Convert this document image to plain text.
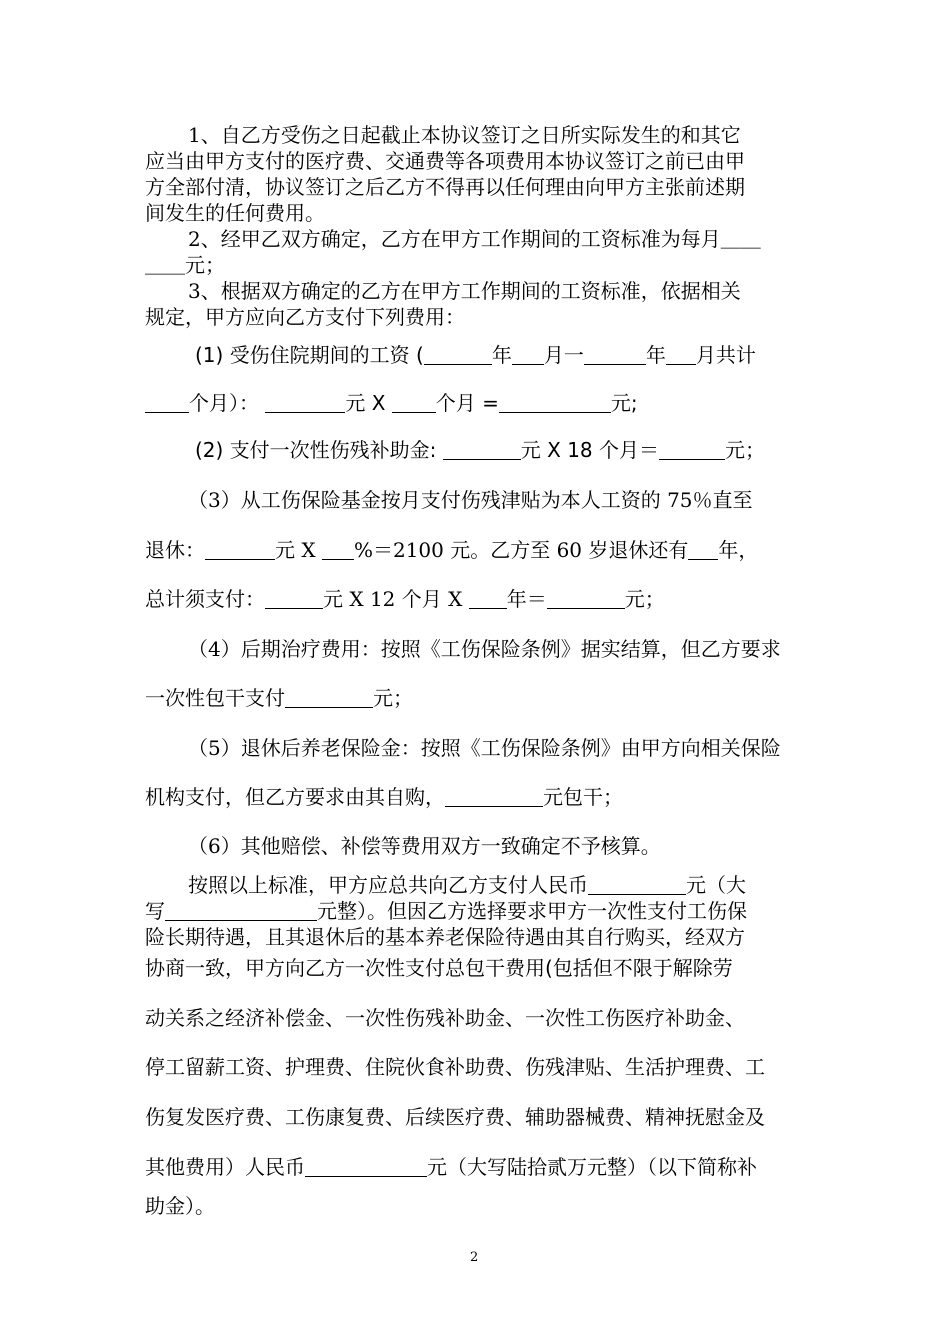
1、自乙方受伤之日起截止本协议签订之日所实际发生的和其它
应当由甲方支付的医疗费、交通费等各项费用本协议签订之前已由甲
方全部付清，协议签订之后乙方不得再以任何理由向甲方主张前述期
间发生的任何费用。
2、经甲乙双方确定，乙方在甲方工作期间的工资标准为每月＿＿
＿＿元；
3、根据双方确定的乙方在甲方工作期间的工资标准，依据相关
规定，甲方应向乙方支付下列费用：
(1) 受伤住院期间的工资 (	年 月一	年 月共计
个月）：	元 X	个月 =	元;
(2) 支付一次性伤残补助金:	元 X 18 个月＝	元；
（3）从工伤保险基金按月支付伤残津贴为本人工资的 75％直至
退休：	元 X %＝2100 元。乙方至 60 岁退休还有 年，
总计须支付：	元 X 12 个月 X 年＝	元；
（4）后期治疗费用：按照《工伤保险条例》据实结算，但乙方要求
一次性包干支付	元；
（5）退休后养老保险金：按照《工伤保险条例》由甲方向相关保险
机构支付，但乙方要求由其自购，	元包干；
（6）其他赔偿、补偿等费用双方一致确定不予核算。
按照以上标准，甲方应总共向乙方支付人民币	元（大
写	元整）。但因乙方选择要求甲方一次性支付工伤保
险长期待遇，且其退休后的基本养老保险待遇由其自行购买，经双方
协商一致，甲方向乙方一次性支付总包干费用(包括但不限于解除劳
动关系之经济补偿金、一次性伤残补助金、一次性工伤医疗补助金、
停工留薪工资、护理费、住院伙食补助费、伤残津贴、生活护理费、工
伤复发医疗费、工伤康复费、后续医疗费、辅助器械费、精神抚慰金及
其他费用）人民币	元（大写陆拾贰万元整）（以下简称补
助金）。
2
